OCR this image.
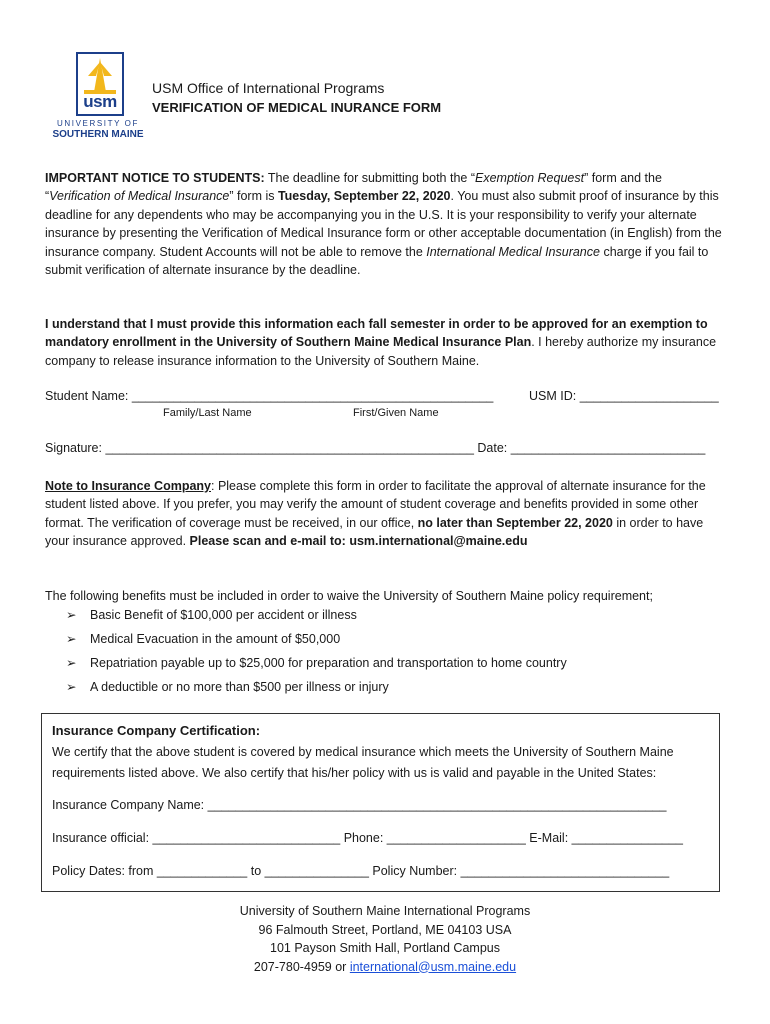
usm
UNIVERSITY OF
SOUTHERN MAINE
USM Office of International Programs
VERIFICATION OF MEDICAL INURANCE FORM
IMPORTANT NOTICE TO STUDENTS: The deadline for submitting both the “Exemption Request” form and the “Verification of Medical Insurance” form is Tuesday, September 22, 2020. You must also submit proof of insurance by this deadline for any dependents who may be accompanying you in the U.S. It is your responsibility to verify your alternate insurance by presenting the Verification of Medical Insurance form or other acceptable documentation (in English) from the insurance company. Student Accounts will not be able to remove the International Medical Insurance charge if you fail to submit verification of alternate insurance by the deadline.
I understand that I must provide this information each fall semester in order to be approved for an exemption to mandatory enrollment in the University of Southern Maine Medical Insurance Plan. I hereby authorize my insurance company to release insurance information to the University of Southern Maine.
Student Name: ____________________________________________________	USM ID: ____________________
Family/Last Name	First/Given Name
Signature: _____________________________________________________ Date: ____________________________
Note to Insurance Company: Please complete this form in order to facilitate the approval of alternate insurance for the student listed above. If you prefer, you may verify the amount of student coverage and benefits provided in some other format. The verification of coverage must be received, in our office, no later than September 22, 2020 in order to have your insurance approved. Please scan and e-mail to: usm.international@maine.edu
The following benefits must be included in order to waive the University of Southern Maine policy requirement;
➢ Basic Benefit of $100,000 per accident or illness
➢ Medical Evacuation in the amount of $50,000
➢ Repatriation payable up to $25,000 for preparation and transportation to home country
➢ A deductible or no more than $500 per illness or injury
Insurance Company Certification:
We certify that the above student is covered by medical insurance which meets the University of Southern Maine
requirements listed above. We also certify that his/her policy with us is valid and payable in the United States:
Insurance Company Name: __________________________________________________________________
Insurance official: ___________________________ Phone: ____________________ E-Mail: ________________
Policy Dates: from _____________ to _______________ Policy Number: ______________________________
University of Southern Maine International Programs
96 Falmouth Street, Portland, ME 04103 USA
101 Payson Smith Hall, Portland Campus
207-780-4959 or international@usm.maine.edu
